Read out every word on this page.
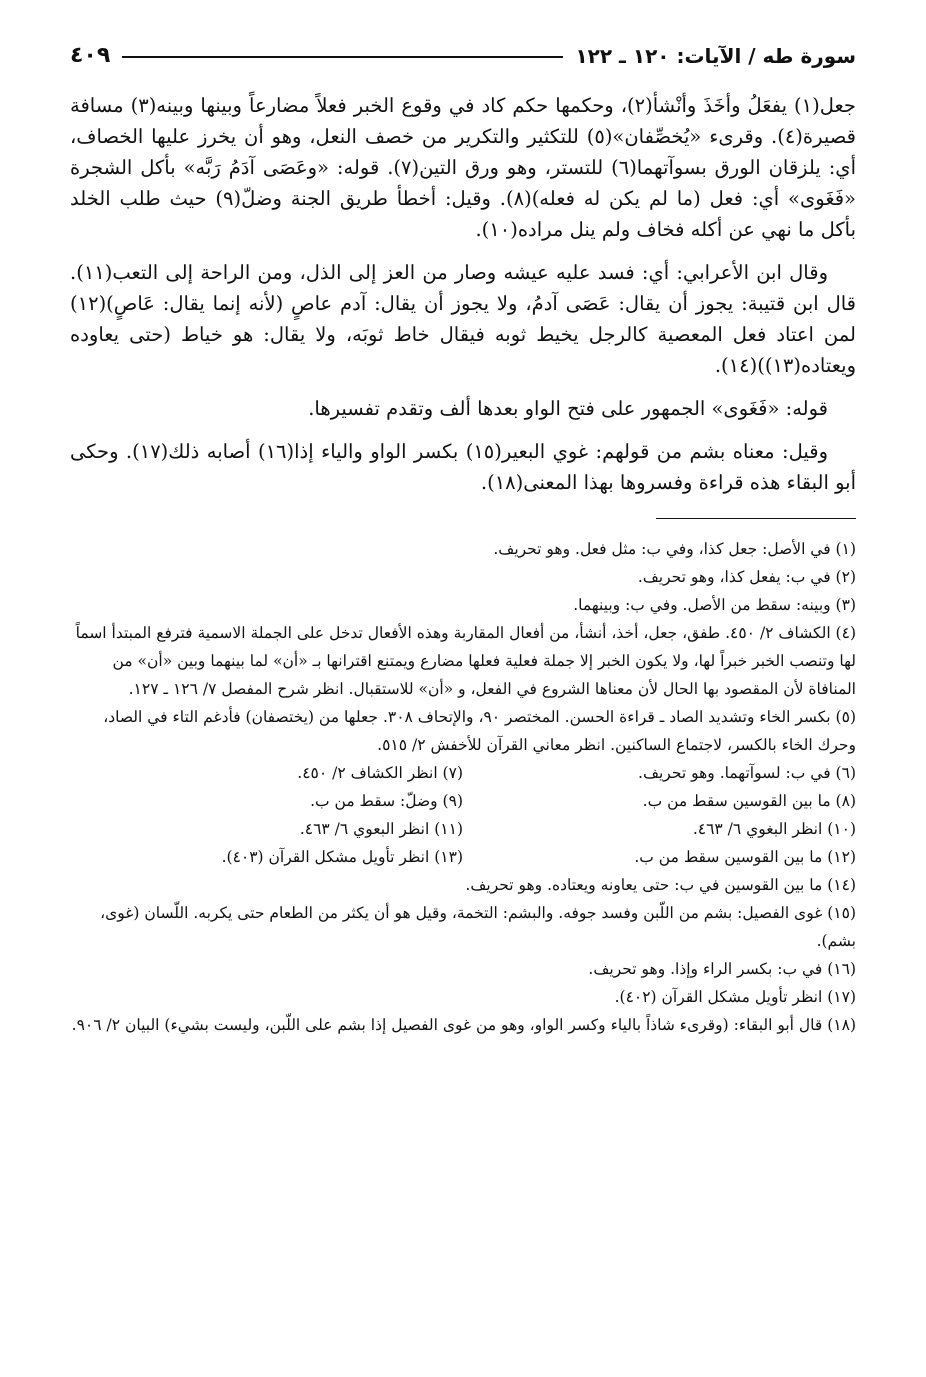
سورة طه / الآيات: ١٢٠ ـ ١٢٢
٤٠٩

جعل(١) يفعَلُ وأخَذَ وأنْشأ(٢)، وحكمها حكم كاد في وقوع الخبر فعلاً مضارعاً وبينها وبينه(٣) مسافة قصيرة(٤). وقرىء «يُخصِّفان»(٥) للتكثير والتكرير من خصف النعل، وهو أن يخرز عليها الخصاف، أي: يلزقان الورق بسوآتهما(٦) للتستر، وهو ورق التين(٧). قوله: «وعَصَى آدَمُ رَبَّه» بأكل الشجرة «فَغَوى» أي: فعل (ما لم يكن له فعله)(٨). وقيل: أخطأ طريق الجنة وضلّ(٩) حيث طلب الخلد بأكل ما نهي عن أكله فخاف ولم ينل مراده(١٠).

وقال ابن الأعرابي: أي: فسد عليه عيشه وصار من العز إلى الذل، ومن الراحة إلى التعب(١١). قال ابن قتيبة: يجوز أن يقال: عَصَى آدمُ، ولا يجوز أن يقال: آدم عاصٍ (لأنه إنما يقال: عَاصٍ)(١٢) لمن اعتاد فعل المعصية كالرجل يخيط ثوبه فيقال خاط ثوبَه، ولا يقال: هو خياط (حتى يعاوده ويعتاده(١٣))(١٤).

قوله: «فَغَوى» الجمهور على فتح الواو بعدها ألف وتقدم تفسيرها.

وقيل: معناه بشم من قولهم: غوي البعير(١٥) بكسر الواو والياء إذا(١٦) أصابه ذلك(١٧). وحكى أبو البقاء هذه قراءة وفسروها بهذا المعنى(١٨).

(١) في الأصل: جعل كذا، وفي ب: مثل فعل. وهو تحريف.

(٢) في ب: يفعل كذا، وهو تحريف.

(٣) وبينه: سقط من الأصل. وفي ب: وبينهما.

(٤) الكشاف ٢/ ٤٥٠. طفق، جعل، أخذ، أنشأ، من أفعال المقاربة وهذه الأفعال تدخل على الجملة الاسمية فترفع المبتدأ اسماً لها وتنصب الخبر خبراً لها، ولا يكون الخبر إلا جملة فعلية فعلها مضارع ويمتنع اقترانها بـ «أن» لما بينهما وبين «أن» من المنافاة لأن المقصود بها الحال لأن معناها الشروع في الفعل، و «أن» للاستقبال. انظر شرح المفصل ٧/ ١٢٦ ـ ١٢٧.

(٥) بكسر الخاء وتشديد الصاد ـ قراءة الحسن. المختصر ٩٠، والإتحاف ٣٠٨. جعلها من (يختصفان) فأدغم التاء في الصاد، وحرك الخاء بالكسر، لاجتماع الساكنين. انظر معاني القرآن للأخفش ٢/ ٥١٥.

(٦) في ب: لسوآتهما. وهو تحريف.
(٧) انظر الكشاف ٢/ ٤٥٠.
(٨) ما بين القوسين سقط من ب.
(٩) وضلّ: سقط من ب.
(١٠) انظر البغوي ٦/ ٤٦٣.
(١١) انظر البعوي ٦/ ٤٦٣.
(١٢) ما بين القوسين سقط من ب.
(١٣) انظر تأويل مشكل القرآن (٤٠٣).

(١٤) ما بين القوسين في ب: حتى يعاونه ويعتاده. وهو تحريف.

(١٥) غوى الفصيل: بشم من اللّبن وفسد جوفه. والبشم: التخمة، وقيل هو أن يكثر من الطعام حتى يكربه. اللّسان (غوى، بشم).

(١٦) في ب: بكسر الراء وإذا. وهو تحريف.

(١٧) انظر تأويل مشكل القرآن (٤٠٢).

(١٨) قال أبو البقاء: (وقرىء شاذاً بالياء وكسر الواو، وهو من غوى الفصيل إذا بشم على اللّبن، وليست بشيء) البيان ٢/ ٩٠٦.
